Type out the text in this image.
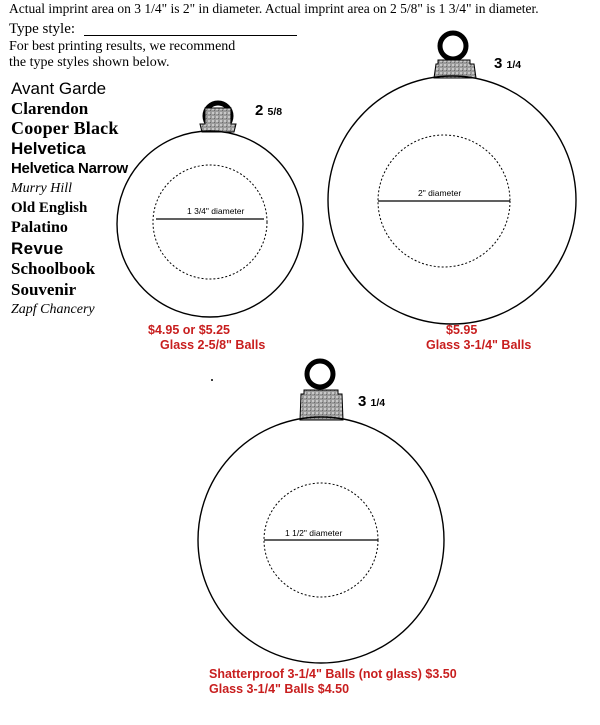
Actual imprint area on 3 1/4" is 2" in diameter. Actual imprint area on 2 5/8" is 1 3/4" in diameter.
Type style:
For best printing results, we recommend
the type styles shown below.
Avant Garde
Clarendon
Cooper Black
Helvetica
Helvetica Narrow
Murry Hill
Old English
Palatino
Revue
Schoolbook
Souvenir
Zapf Chancery
2 5/8
3 1/4
3 1/4
1 3/4" diameter
2" diameter
1 1/2" diameter
$4.95 or $5.25
Glass 2-5/8" Balls
$5.95
Glass 3-1/4" Balls
Shatterproof 3-1/4" Balls (not glass) $3.50
Glass 3-1/4" Balls $4.50
